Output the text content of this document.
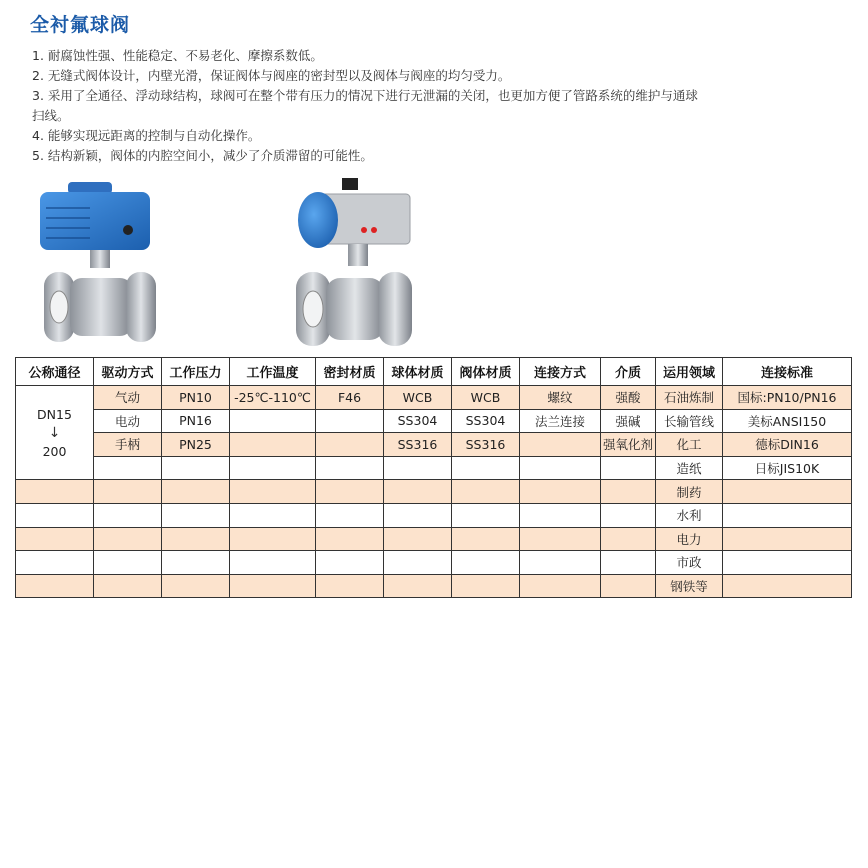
全衬氟球阀
1. 耐腐蚀性强、性能稳定、不易老化、摩擦系数低。
2. 无缝式阀体设计，内壁光滑，保证阀体与阀座的密封型以及阀体与阀座的均匀受力。
3. 采用了全通径、浮动球结构，球阀可在整个带有压力的情况下进行无泄漏的关闭，也更加方便了管路系统的维护与通球
扫线。
4. 能够实现远距离的控制与自动化操作。
5. 结构新颖，阀体的内腔空间小，减少了介质滞留的可能性。
公称通径	驱动方式	工作压力	工作温度	密封材质	球体材质	阀体材质	连接方式	介质	运用领域	连接标准

DN15
↓
200	气动	PN10	-25℃-110℃	F46	WCB	WCB	螺纹	强酸	石油炼制	国标:PN10/PN16
	电动	PN16			SS304	SS304	法兰连接	强碱	长输管线	美标ANSI150
	手柄	PN25			SS316	SS316		强氧化剂	化工	德标DIN16
									造纸	日标JIS10K
									制药	
									水利	
									电力	
									市政	
									钢铁等	
